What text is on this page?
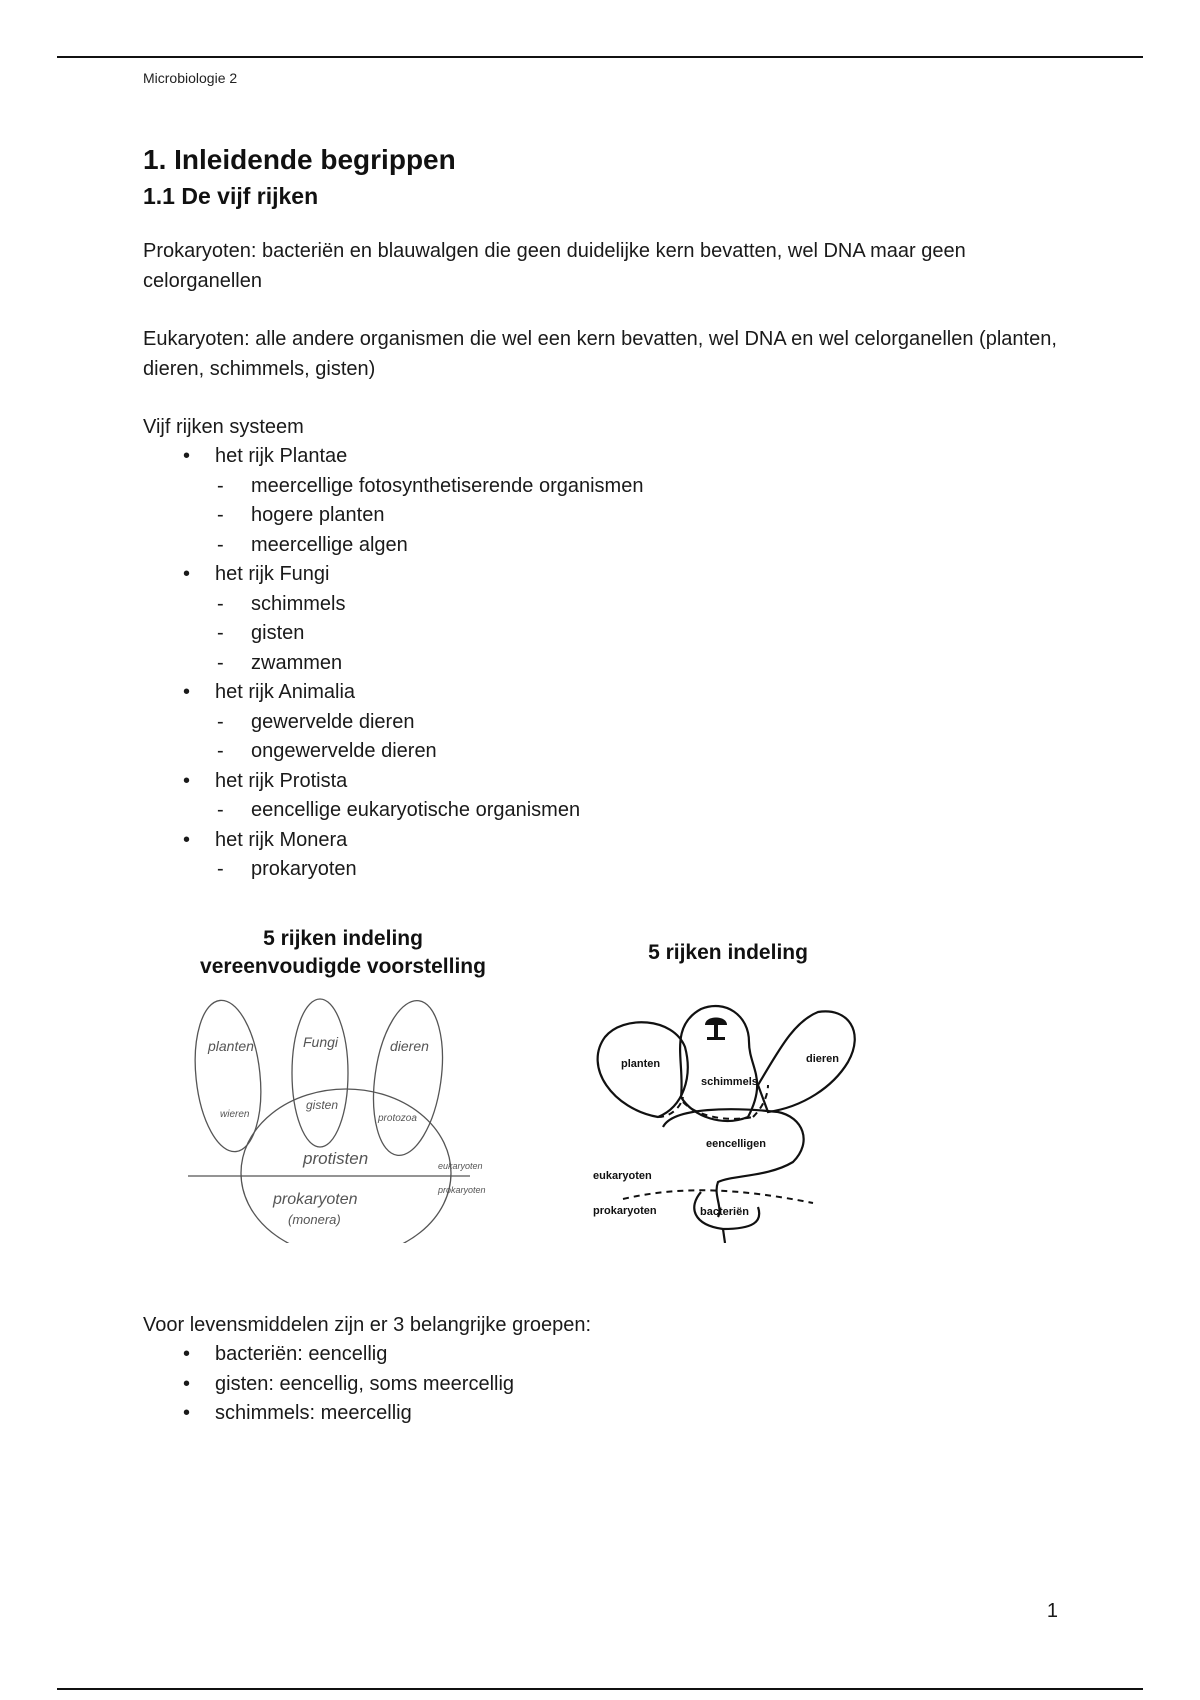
Microbiologie 2
1. Inleidende begrippen
1.1 De vijf rijken

Prokaryoten: bacteriën en blauwalgen die geen duidelijke kern bevatten, wel DNA maar geen celorganellen

Eukaryoten: alle andere organismen die wel een kern bevatten, wel DNA en wel celorganellen (planten, dieren, schimmels, gisten)

Vijf rijken systeem

• het rijk Plantae
- meercellige fotosynthetiserende organismen
- hogere planten
- meercellige algen
• het rijk Fungi
- schimmels
- gisten
- zwammen
• het rijk Animalia
- gewervelde dieren
- ongewervelde dieren
• het rijk Protista
- eencellige eukaryotische organismen
• het rijk Monera
- prokaryoten
5 rijken indeling
vereenvoudigde voorstelling
planten	Fungi	dieren
wieren
gisten
protozoa
protisten	eukaryoten
prokaryoten
prokaryoten
(monera)
5 rijken indeling
planten
schimmels
dieren
eencelligen
eukaryoten
prokaryoten	bacteriën

Voor levensmiddelen zijn er 3 belangrijke groepen:

• bacteriën: eencellig
• gisten: eencellig, soms meercellig
• schimmels: meercellig
1
